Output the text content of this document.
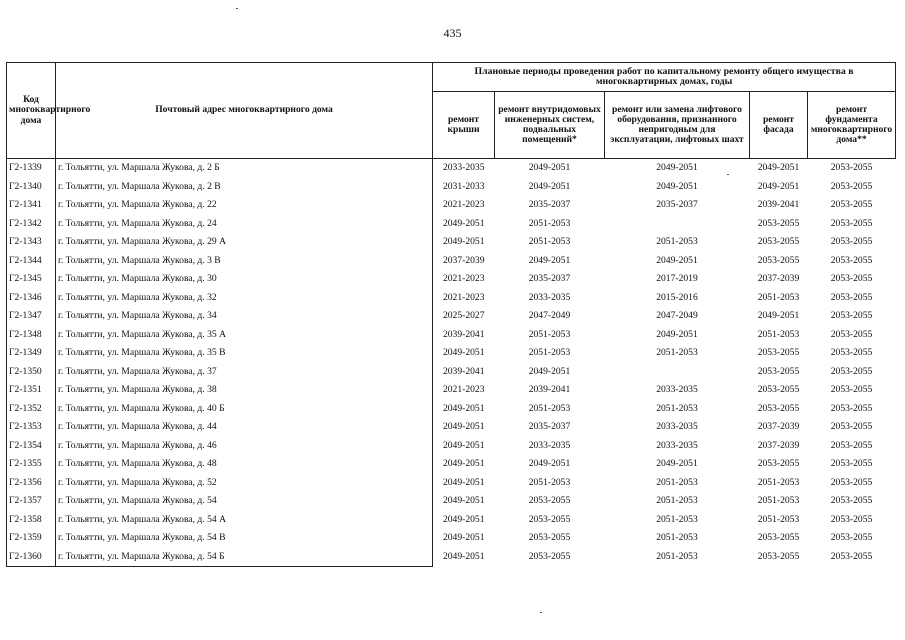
435
Код многоквартирного дома	Почтовый адрес многоквартирного дома	Плановые периоды проведения работ по капитальному ремонту общего имущества в многоквартирных домах, годы				
		ремонт крыши	ремонт внутридомовых инженерных систем, подвальных помещений*	ремонт или замена лифтового оборудования, признанного непригодным для эксплуатации, лифтовых шахт	ремонт фасада	ремонт фундамента многоквартирного дома**
Г2-1339	г. Тольятти, ул. Маршала Жукова, д. 2 Б	2033-2035	2049-2051	2049-2051	2049-2051	2053-2055
Г2-1340	г. Тольятти, ул. Маршала Жукова, д. 2 В	2031-2033	2049-2051	2049-2051	2049-2051	2053-2055
Г2-1341	г. Тольятти, ул. Маршала Жукова, д. 22	2021-2023	2035-2037	2035-2037	2039-2041	2053-2055
Г2-1342	г. Тольятти, ул. Маршала Жукова, д. 24	2049-2051	2051-2053		2053-2055	2053-2055
Г2-1343	г. Тольятти, ул. Маршала Жукова, д. 29 А	2049-2051	2051-2053	2051-2053	2053-2055	2053-2055
Г2-1344	г. Тольятти, ул. Маршала Жукова, д. 3 В	2037-2039	2049-2051	2049-2051	2053-2055	2053-2055
Г2-1345	г. Тольятти, ул. Маршала Жукова, д. 30	2021-2023	2035-2037	2017-2019	2037-2039	2053-2055
Г2-1346	г. Тольятти, ул. Маршала Жукова, д. 32	2021-2023	2033-2035	2015-2016	2051-2053	2053-2055
Г2-1347	г. Тольятти, ул. Маршала Жукова, д. 34	2025-2027	2047-2049	2047-2049	2049-2051	2053-2055
Г2-1348	г. Тольятти, ул. Маршала Жукова, д. 35 А	2039-2041	2051-2053	2049-2051	2051-2053	2053-2055
Г2-1349	г. Тольятти, ул. Маршала Жукова, д. 35 В	2049-2051	2051-2053	2051-2053	2053-2055	2053-2055
Г2-1350	г. Тольятти, ул. Маршала Жукова, д. 37	2039-2041	2049-2051		2053-2055	2053-2055
Г2-1351	г. Тольятти, ул. Маршала Жукова, д. 38	2021-2023	2039-2041	2033-2035	2053-2055	2053-2055
Г2-1352	г. Тольятти, ул. Маршала Жукова, д. 40 Б	2049-2051	2051-2053	2051-2053	2053-2055	2053-2055
Г2-1353	г. Тольятти, ул. Маршала Жукова, д. 44	2049-2051	2035-2037	2033-2035	2037-2039	2053-2055
Г2-1354	г. Тольятти, ул. Маршала Жукова, д. 46	2049-2051	2033-2035	2033-2035	2037-2039	2053-2055
Г2-1355	г. Тольятти, ул. Маршала Жукова, д. 48	2049-2051	2049-2051	2049-2051	2053-2055	2053-2055
Г2-1356	г. Тольятти, ул. Маршала Жукова, д. 52	2049-2051	2051-2053	2051-2053	2051-2053	2053-2055
Г2-1357	г. Тольятти, ул. Маршала Жукова, д. 54	2049-2051	2053-2055	2051-2053	2051-2053	2053-2055
Г2-1358	г. Тольятти, ул. Маршала Жукова, д. 54 А	2049-2051	2053-2055	2051-2053	2051-2053	2053-2055
Г2-1359	г. Тольятти, ул. Маршала Жукова, д. 54 В	2049-2051	2053-2055	2051-2053	2053-2055	2053-2055
Г2-1360	г. Тольятти, ул. Маршала Жукова, д. 54 Б	2049-2051	2053-2055	2051-2053	2053-2055	2053-2055
